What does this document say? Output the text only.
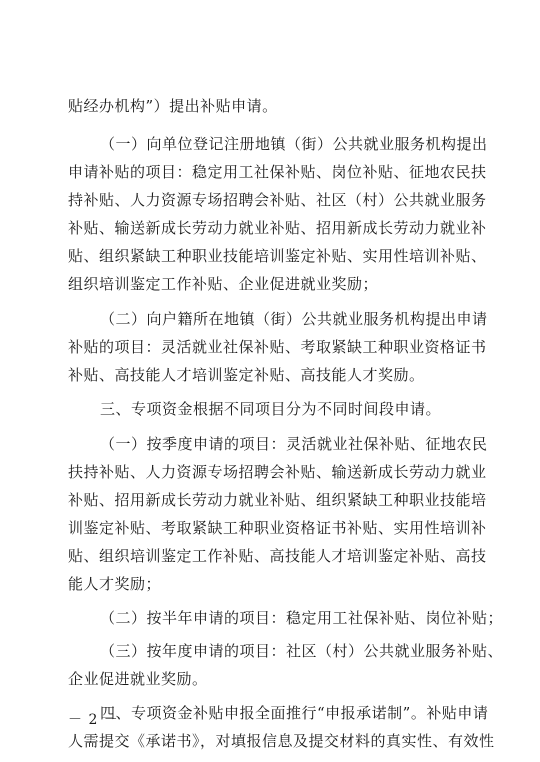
贴经办机构”）提出补贴申请。
（一）向单位登记注册地镇（街）公共就业服务机构提出
申请补贴的项目：稳定用工社保补贴、岗位补贴、征地农民扶
持补贴、人力资源专场招聘会补贴、社区（村）公共就业服务
补贴、输送新成长劳动力就业补贴、招用新成长劳动力就业补
贴、组织紧缺工种职业技能培训鉴定补贴、实用性培训补贴、
组织培训鉴定工作补贴、企业促进就业奖励；
（二）向户籍所在地镇（街）公共就业服务机构提出申请
补贴的项目：灵活就业社保补贴、考取紧缺工种职业资格证书
补贴、高技能人才培训鉴定补贴、高技能人才奖励。
三、专项资金根据不同项目分为不同时间段申请。
（一）按季度申请的项目：灵活就业社保补贴、征地农民
扶持补贴、人力资源专场招聘会补贴、输送新成长劳动力就业
补贴、招用新成长劳动力就业补贴、组织紧缺工种职业技能培
训鉴定补贴、考取紧缺工种职业资格证书补贴、实用性培训补
贴、组织培训鉴定工作补贴、高技能人才培训鉴定补贴、高技
能人才奖励；
（二）按半年申请的项目：稳定用工社保补贴、岗位补贴；
（三）按年度申请的项目：社区（村）公共就业服务补贴、
企业促进就业奖励。
四、专项资金补贴申报全面推行“申报承诺制”。补贴申请
人需提交《承诺书》，对填报信息及提交材料的真实性、有效性
－ 2 －
